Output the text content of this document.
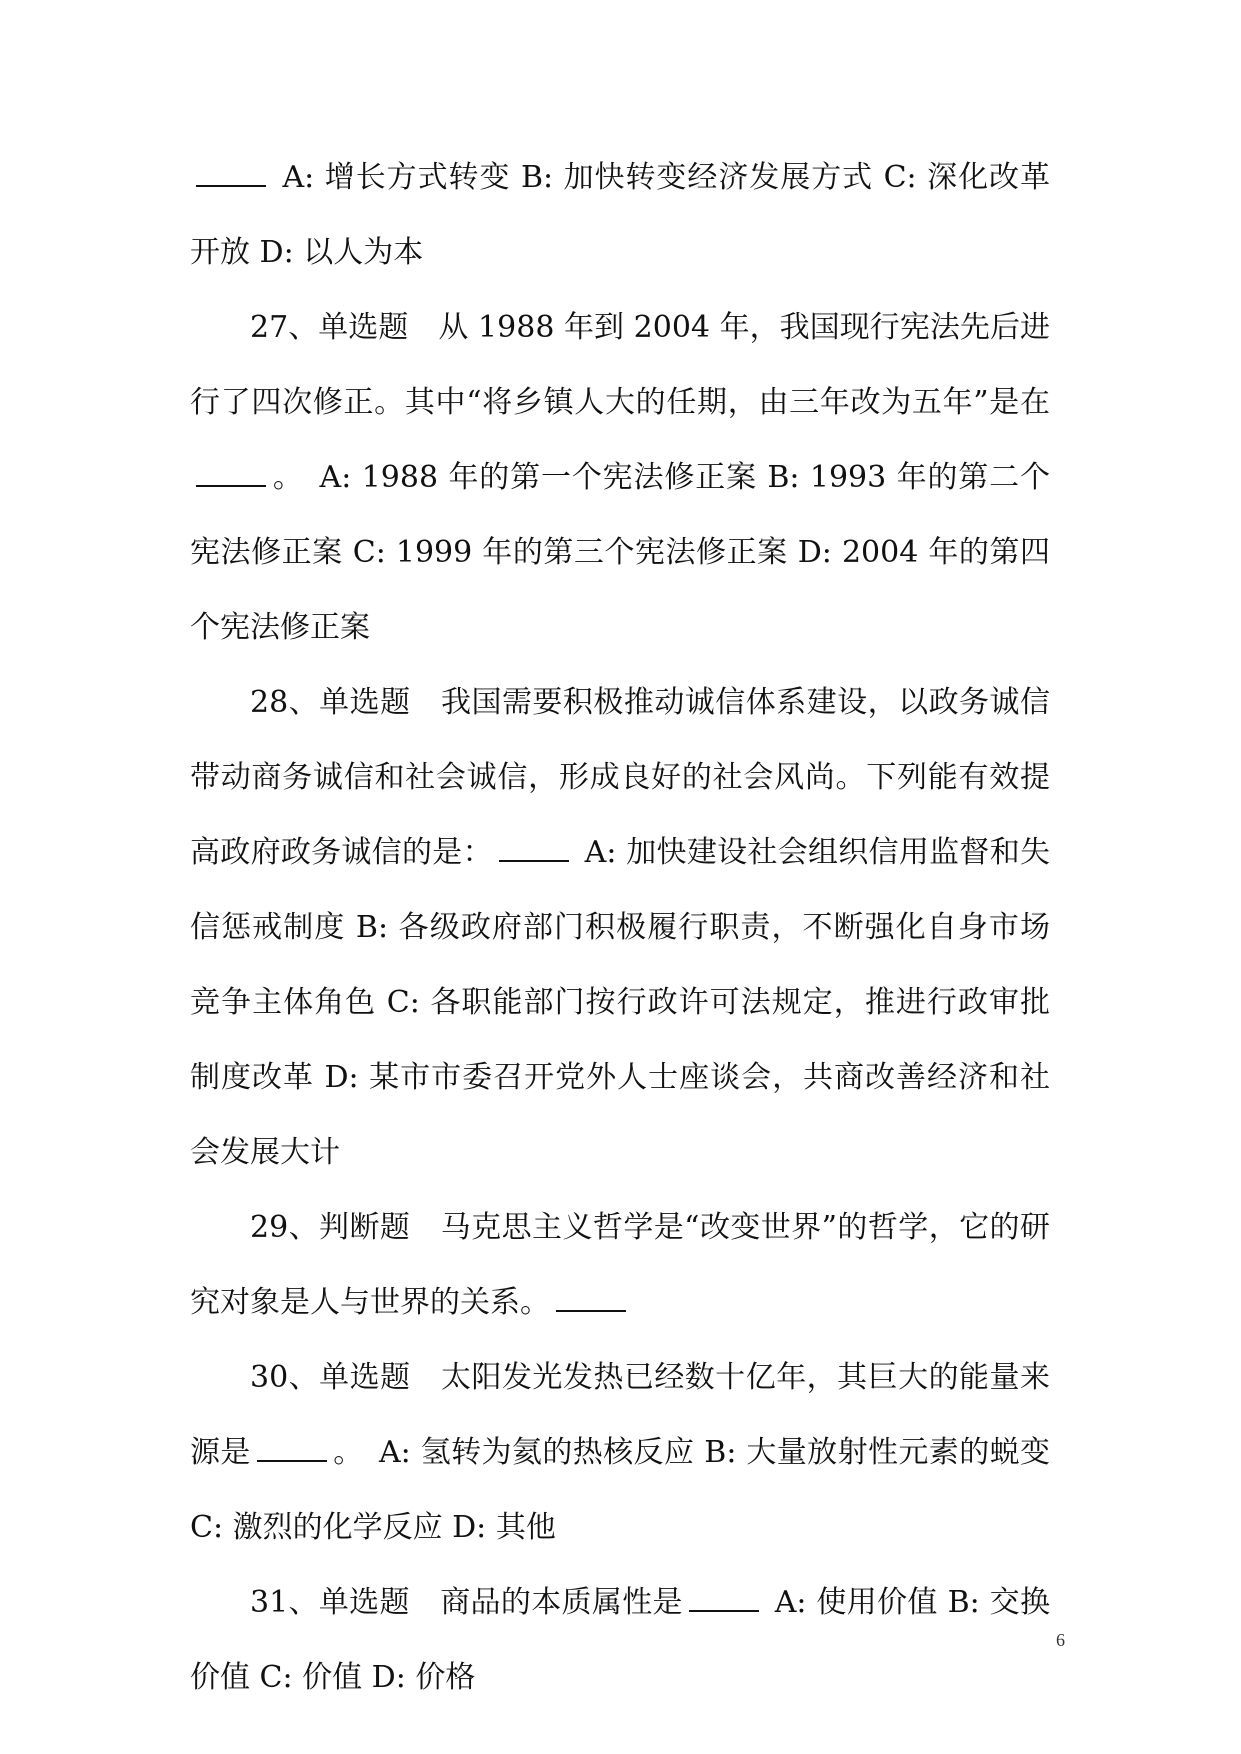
A: 增长方式转变 B: 加快转变经济发展方式 C: 深化改革开放 D: 以人为本

27、单选题　从 1988 年到 2004 年，我国现行宪法先后进行了四次修正。其中“将乡镇人大的任期，由三年改为五年”是在。　A: 1988 年的第一个宪法修正案 B: 1993 年的第二个宪法修正案 C: 1999 年的第三个宪法修正案 D: 2004 年的第四个宪法修正案

28、单选题　我国需要积极推动诚信体系建设，以政务诚信带动商务诚信和社会诚信，形成良好的社会风尚。下列能有效提高政府政务诚信的是：	A: 加快建设社会组织信用监督和失信惩戒制度 B: 各级政府部门积极履行职责，不断强化自身市场竞争主体角色 C: 各职能部门按行政许可法规定，推进行政审批制度改革 D: 某市市委召开党外人士座谈会，共商改善经济和社会发展大计

29、判断题　马克思主义哲学是“改变世界”的哲学，它的研究对象是人与世界的关系。

30、单选题　太阳发光发热已经数十亿年，其巨大的能量来源是	。　A: 氢转为氦的热核反应 B: 大量放射性元素的蜕变 C: 激烈的化学反应 D: 其他

31、单选题　商品的本质属性是	A: 使用价值 B: 交换价值 C: 价值 D: 价格

6
